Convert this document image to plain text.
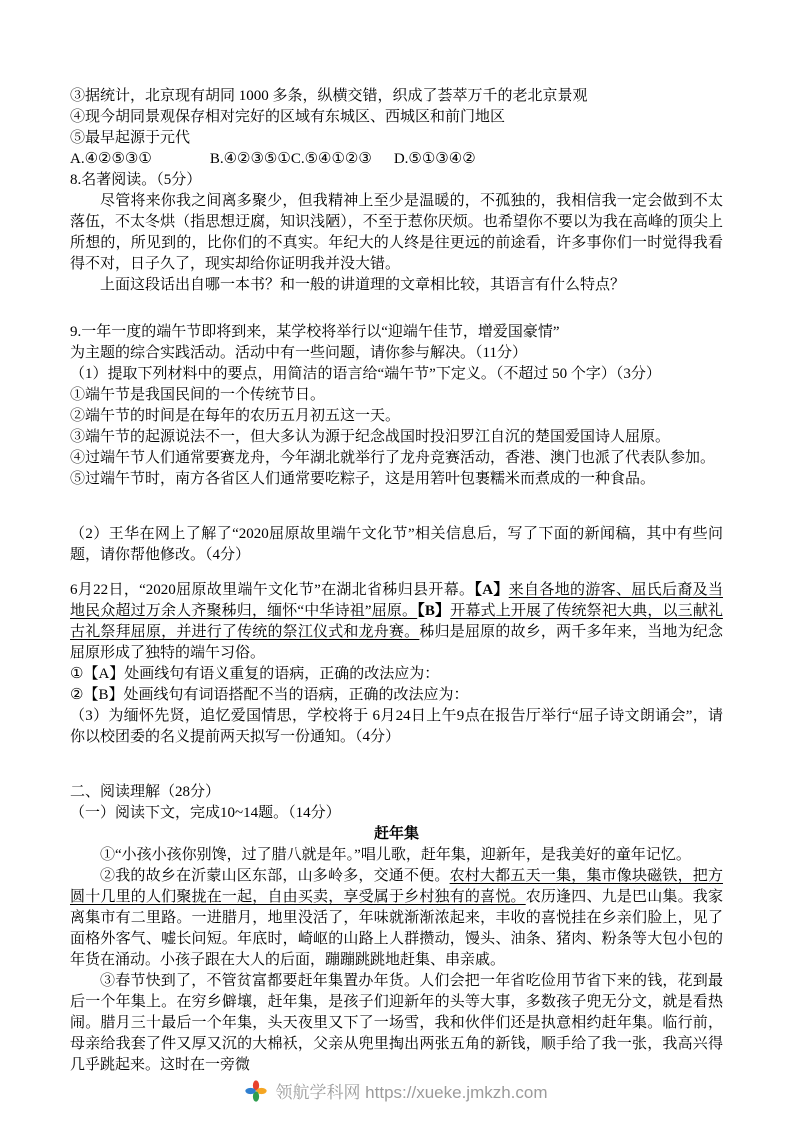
③据统计，北京现有胡同 1000 多条，纵横交错，织成了荟萃万千的老北京景观

④现今胡同景观保存相对完好的区域有东城区、西城区和前门地区

⑤最早起源于元代

A.④②⑤③①	B.④②③⑤①C.⑤④①②③ D.⑤①③④②

8.名著阅读。（5分）

尽管将来你我之间离多聚少，但我精神上至少是温暖的，不孤独的，我相信我一定会做到不太落伍，不太冬烘（指思想迂腐，知识浅陋），不至于惹你厌烦。也希望你不要以为我在高峰的顶尖上所想的，所见到的，比你们的不真实。年纪大的人终是往更远的前途看，许多事你们一时觉得我看得不对，日子久了，现实却给你证明我并没大错。

上面这段话出自哪一本书？和一般的讲道理的文章相比较，其语言有什么特点？

9.一年一度的端午节即将到来，某学校将举行以“迎端午佳节，增爱国豪情”

为主题的综合实践活动。活动中有一些问题，请你参与解决。（11分）

（1）提取下列材料中的要点，用简洁的语言给“端午节”下定义。（不超过 50 个字）（3分）

①端午节是我国民间的一个传统节日。

②端午节的时间是在每年的农历五月初五这一天。

③端午节的起源说法不一，但大多认为源于纪念战国时投汨罗江自沉的楚国爱国诗人屈原。

④过端午节人们通常要赛龙舟，今年湖北就举行了龙舟竞赛活动，香港、澳门也派了代表队参加。

⑤过端午节时，南方各省区人们通常要吃粽子，这是用箬叶包裹糯米而煮成的一种食品。

（2）王华在网上了解了“2020屈原故里端午文化节”相关信息后，写了下面的新闻稿，其中有些问题，请你帮他修改。（4分）

6月22日，“2020屈原故里端午文化节”在湖北省秭归县开幕。【A】来自各地的游客、屈氏后裔及当地民众超过万余人齐聚秭归，缅怀“中华诗祖”屈原。【B】开幕式上开展了传统祭祀大典，以三献礼古礼祭拜屈原，并进行了传统的祭江仪式和龙舟赛。秭归是屈原的故乡，两千多年来，当地为纪念屈原形成了独特的端午习俗。

①【A】处画线句有语义重复的语病，正确的改法应为：

②【B】处画线句有词语搭配不当的语病，正确的改法应为：

（3）为缅怀先贤，追忆爱国情思，学校将于 6月24日上午9点在报告厅举行“屈子诗文朗诵会”，请你以校团委的名义提前两天拟写一份通知。（4分）

二、阅读理解（28分）

（一）阅读下文，完成10~14题。（14分）

赶年集

①“小孩小孩你别馋，过了腊八就是年。”唱儿歌，赶年集，迎新年，是我美好的童年记忆。

②我的故乡在沂蒙山区东部，山多岭多，交通不便。农村大都五天一集，集市像块磁铁，把方圆十几里的人们聚拢在一起，自由买卖，享受属于乡村独有的喜悦。农历逢四、九是巴山集。我家离集市有二里路。一进腊月，地里没活了，年味就渐渐浓起来，丰收的喜悦挂在乡亲们脸上，见了面格外客气、嘘长问短。年底时，崎岖的山路上人群攒动，馒头、油条、猪肉、粉条等大包小包的年货在涌动。小孩子跟在大人的后面，蹦蹦跳跳地赶集、串亲戚。

③春节快到了，不管贫富都要赶年集置办年货。人们会把一年省吃俭用节省下来的钱，花到最后一个年集上。在穷乡僻壤，赶年集，是孩子们迎新年的头等大事，多数孩子兜无分文，就是看热闹。腊月三十最后一个年集，头天夜里又下了一场雪，我和伙伴们还是执意相约赶年集。临行前，母亲给我套了件又厚又沉的大棉袄，父亲从兜里掏出两张五角的新钱，顺手给了我一张，我高兴得几乎跳起来。这时在一旁微

领航学科网 https://xueke.jmkzh.com
